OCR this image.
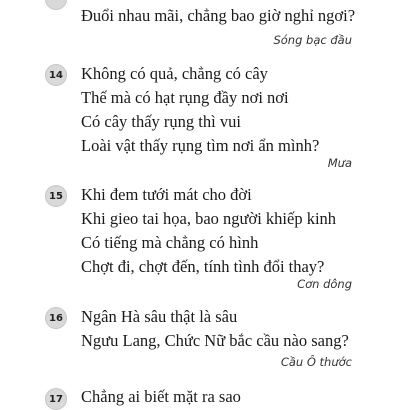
Đuổi nhau mãi, chẳng bao giờ nghỉ ngơi?
Sóng bạc đầu
14 Không có quả, chẳng có cây
Thế mà có hạt rụng đầy nơi nơi
Có cây thấy rụng thì vui
Loài vật thấy rụng tìm nơi ẩn mình?
Mưa
15 Khi đem tưới mát cho đời
Khi gieo tai họa, bao người khiếp kinh
Có tiếng mà chẳng có hình
Chợt đi, chợt đến, tính tình đổi thay?
Cơn dông
16 Ngân Hà sâu thật là sâu
Ngưu Lang, Chức Nữ bắc cầu nào sang?
Cầu Ô thước
17 Chẳng ai biết mặt ra sao
